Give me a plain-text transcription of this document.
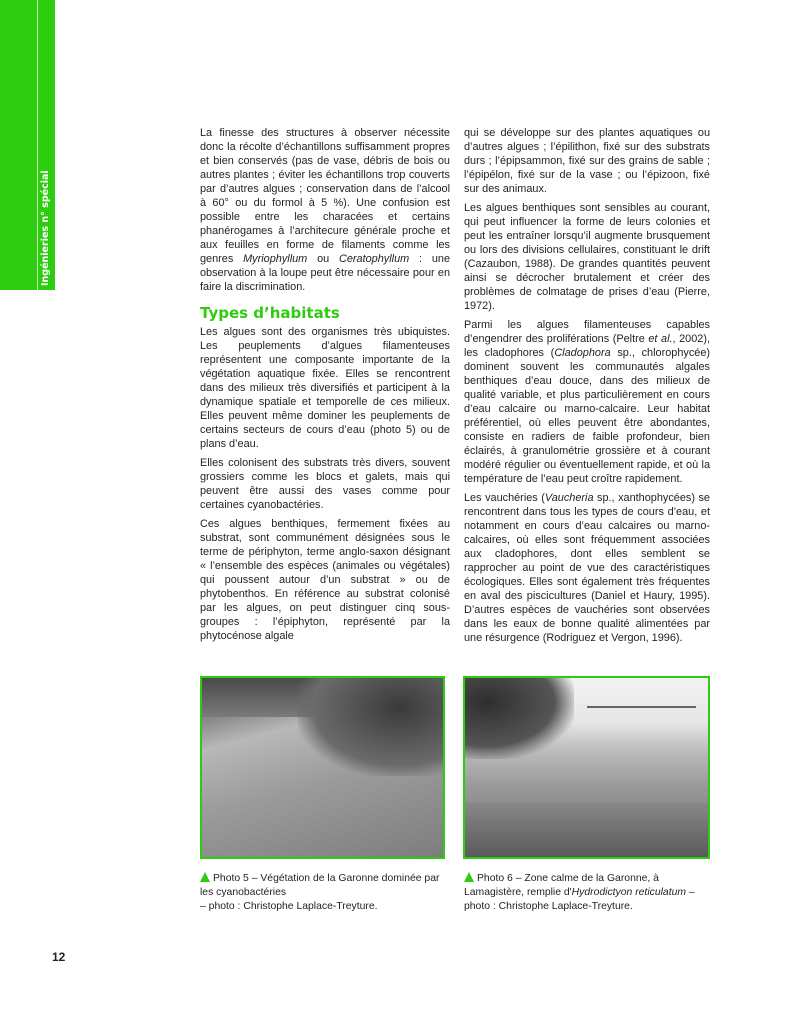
Ingénieries n° spécial

La finesse des structures à observer nécessite donc la récolte d’échantillons suffisamment propres et bien conservés (pas de vase, débris de bois ou autres plantes ; éviter les échantillons trop couverts par d’autres algues ; conservation dans de l’alcool à 60° ou du formol à 5 %). Une confusion est possible entre les characées et certains phanérogames à l’architecure générale proche et aux feuilles en forme de filaments comme les genres Myriophyllum ou Ceratophyllum : une observation à la loupe peut être nécessaire pour en faire la discrimination.

Types d’habitats

Les algues sont des organismes très ubiquistes. Les peuplements d’algues filamenteuses représentent une composante importante de la végétation aquatique fixée. Elles se rencontrent dans des milieux très diversifiés et participent à la dynamique spatiale et temporelle de ces milieux. Elles peuvent même dominer les peuplements de certains secteurs de cours d’eau (photo 5) ou de plans d’eau.

Elles colonisent des substrats très divers, souvent grossiers comme les blocs et galets, mais qui peuvent être aussi des vases comme pour certaines cyanobactéries.

Ces algues benthiques, fermement fixées au substrat, sont communément désignées sous le terme de périphyton, terme anglo-saxon désignant « l’ensemble des espèces (animales ou végétales) qui poussent autour d’un substrat » ou de phytobenthos. En référence au substrat colonisé par les algues, on peut distinguer cinq sous-groupes : l’épiphyton, représenté par la phytocénose algale

qui se développe sur des plantes aquatiques ou d’autres algues ; l’épilithon, fixé sur des substrats durs ; l’épipsammon, fixé sur des grains de sable ; l’épipélon, fixé sur de la vase ; ou l’épizoon, fixé sur des animaux.

Les algues benthiques sont sensibles au courant, qui peut influencer la forme de leurs colonies et peut les entraîner lorsqu’il augmente brusquement ou lors des divisions cellulaires, constituant le drift (Cazaubon, 1988). De grandes quantités peuvent ainsi se décrocher brutalement et créer des problèmes de colmatage de prises d’eau (Pierre, 1972).

Parmi les algues filamenteuses capables d’engendrer des proliférations (Peltre et al., 2002), les cladophores (Cladophora sp., chlorophycée) dominent souvent les communautés algales benthiques d’eau douce, dans des milieux de qualité variable, et plus particulièrement en cours d’eau calcaire ou marno-calcaire. Leur habitat préférentiel, où elles peuvent être abondantes, consiste en radiers de faible profondeur, bien éclairés, à granulométrie grossière et à courant modéré régulier ou éventuellement rapide, et où la température de l’eau peut croître rapidement.

Les vauchéries (Vaucheria sp., xanthophycées) se rencontrent dans tous les types de cours d’eau, et notamment en cours d’eau calcaires ou marno-calcaires, où elles sont fréquemment associées aux cladophores, dont elles semblent se rapprocher au point de vue des caractéristiques écologiques. Elles sont également très fréquentes en aval des piscicultures (Daniel et Haury, 1995). D’autres espèces de vauchéries sont observées dans les eaux de bonne qualité alimentées par une résurgence (Rodriguez et Vergon, 1996).

Photo 5 – Végétation de la Garonne dominée par les cyanobactéries
– photo : Christophe Laplace-Treyture.
Photo 6 – Zone calme de la Garonne, à Lamagistère, remplie d'Hydrodictyon reticulatum – photo : Christophe Laplace-Treyture.
12
